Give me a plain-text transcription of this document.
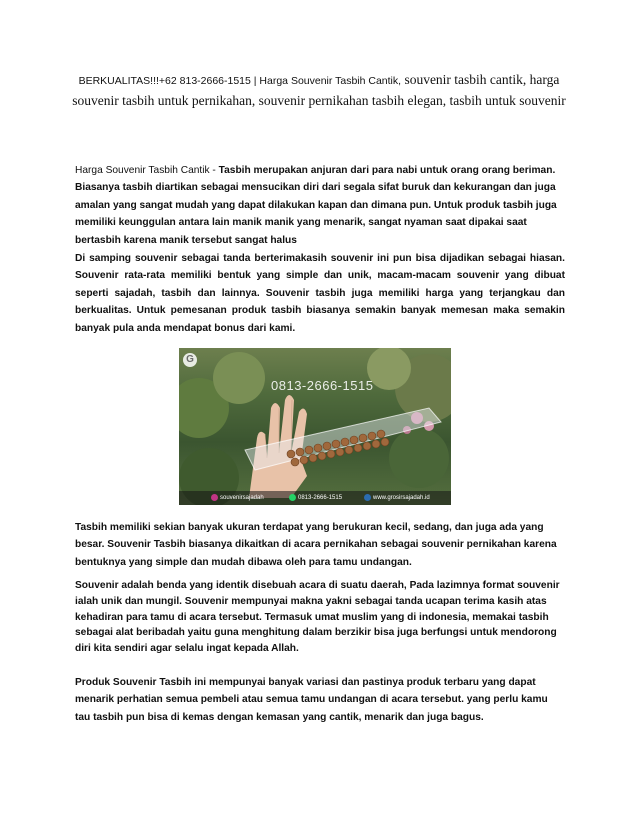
BERKUALITAS!!!+62 813-2666-1515 | Harga Souvenir Tasbih Cantik, souvenir tasbih cantik, harga souvenir tasbih untuk pernikahan, souvenir pernikahan tasbih elegan, tasbih untuk souvenir

Harga Souvenir Tasbih Cantik - Tasbih merupakan anjuran dari para nabi untuk orang orang beriman. Biasanya tasbih diartikan sebagai mensucikan diri dari segala sifat buruk dan kekurangan dan juga amalan yang sangat mudah yang dapat dilakukan kapan dan dimana pun. Untuk produk tasbih juga memiliki keunggulan antara lain manik manik yang menarik, sangat nyaman saat dipakai saat bertasbih karena manik tersebut sangat halus

Di samping souvenir sebagai tanda berterimakasih souvenir ini pun bisa dijadikan sebagai hiasan. Souvenir rata-rata memiliki bentuk yang simple dan unik, macam-macam souvenir yang dibuat seperti sajadah, tasbih dan lainnya. Souvenir tasbih juga memiliki harga yang terjangkau dan berkualitas. Untuk pemesanan produk tasbih biasanya semakin banyak memesan maka semakin banyak pula anda mendapat bonus dari kami.

G
0813-2666-1515
souvenirsajadah	0813-2666-1515	www.grosirsajadah.id

Tasbih memiliki sekian banyak ukuran terdapat yang berukuran kecil, sedang, dan juga ada yang besar. Souvenir Tasbih biasanya dikaitkan di acara pernikahan sebagai souvenir pernikahan karena bentuknya yang simple dan mudah dibawa oleh para tamu undangan.

Souvenir adalah benda yang identik disebuah acara di suatu daerah, Pada lazimnya format souvenir ialah unik dan mungil. Souvenir mempunyai makna yakni sebagai tanda ucapan terima kasih atas kehadiran para tamu di acara tersebut. Termasuk umat muslim yang di indonesia, memakai tasbih sebagai alat beribadah yaitu guna menghitung dalam berzikir bisa juga berfungsi untuk mendorong diri kita sendiri agar selalu ingat kepada Allah.

Produk Souvenir Tasbih ini mempunyai banyak variasi dan pastinya produk terbaru yang dapat menarik perhatian semua pembeli atau semua tamu undangan di acara tersebut. yang perlu kamu tau tasbih pun bisa di kemas dengan kemasan yang cantik, menarik dan juga bagus.
